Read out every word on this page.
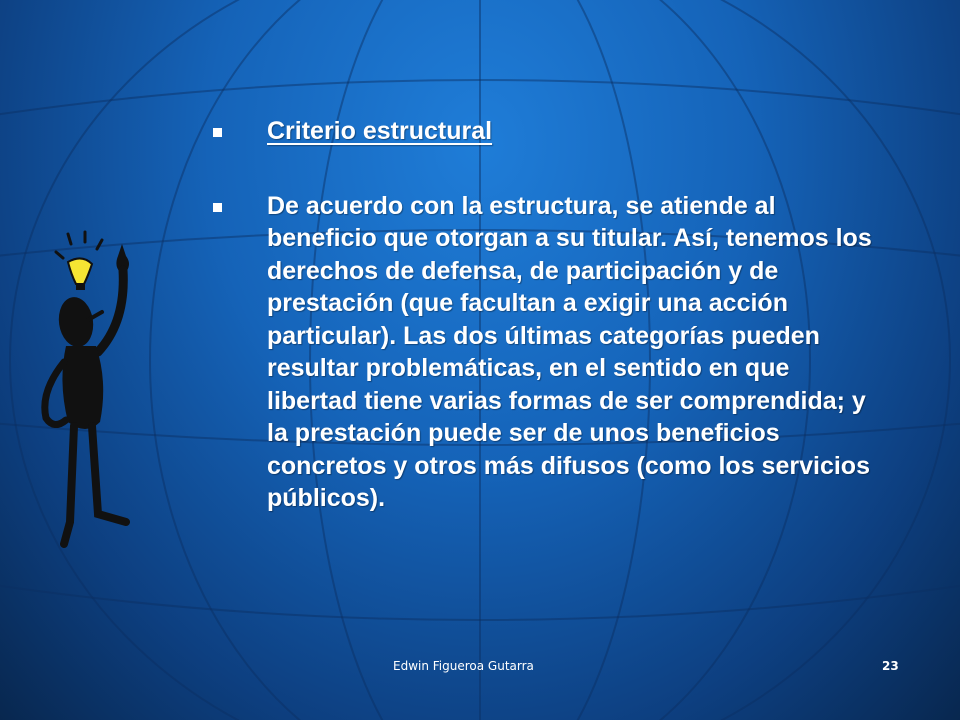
Criterio estructural
De acuerdo con la estructura, se atiende al beneficio que otorgan a su titular. Así, tenemos los derechos de defensa, de participación y de prestación (que facultan a exigir una acción particular). Las dos últimas categorías pueden resultar problemáticas, en el sentido en que libertad tiene varias formas de ser comprendida; y la prestación puede ser de unos beneficios concretos y otros más difusos (como los servicios públicos).
Edwin Figueroa Gutarra	23
